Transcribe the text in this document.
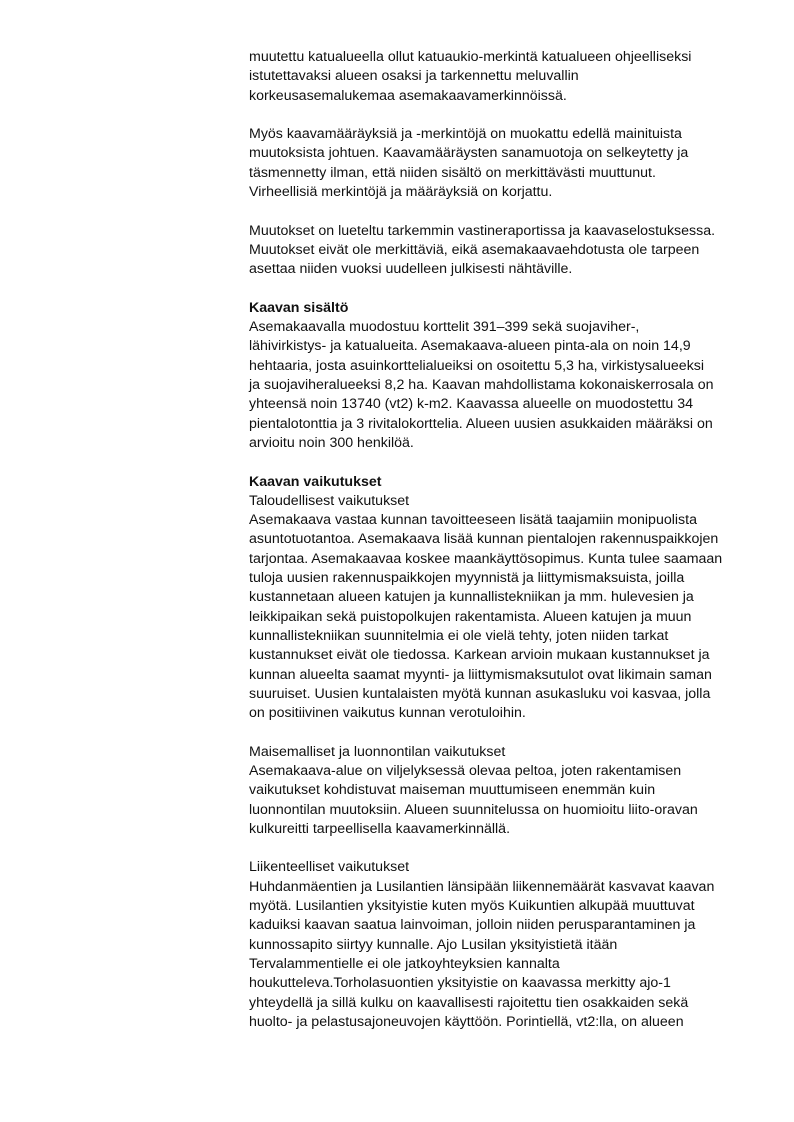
muutettu katualueella ollut katuaukio-merkintä katualueen ohjeelliseksi
istutettavaksi alueen osaksi ja tarkennettu meluvallin
korkeusasemalukemaa asemakaavamerkinnöissä.
Myös kaavamääräyksiä ja -merkintöjä on muokattu edellä mainituista
muutoksista johtuen. Kaavamääräysten sanamuotoja on selkeytetty ja
täsmennetty ilman, että niiden sisältö on merkittävästi muuttunut.
Virheellisiä merkintöjä ja määräyksiä on korjattu.
Muutokset on lueteltu tarkemmin vastineraportissa ja kaavaselostuksessa.
Muutokset eivät ole merkittäviä, eikä asemakaavaehdotusta ole tarpeen
asettaa niiden vuoksi uudelleen julkisesti nähtäville.
Kaavan sisältö
Asemakaavalla muodostuu korttelit 391–399 sekä suojaviher-,
lähivirkistys- ja katualueita. Asemakaava-alueen pinta-ala on noin 14,9
hehtaaria, josta asuinkorttelialueiksi on osoitettu 5,3 ha, virkistysalueeksi
ja suojaviheralueeksi 8,2 ha. Kaavan mahdollistama kokonaiskerrosala on
yhteensä noin 13740 (vt2) k-m2. Kaavassa alueelle on muodostettu 34
pientalotonttia ja 3 rivitalokorttelia. Alueen uusien asukkaiden määräksi on
arvioitu noin 300 henkilöä.
Kaavan vaikutukset
Taloudellisest vaikutukset
Asemakaava vastaa kunnan tavoitteeseen lisätä taajamiin monipuolista
asuntotuotantoa. Asemakaava lisää kunnan pientalojen rakennuspaikkojen
tarjontaa. Asemakaavaa koskee maankäyttösopimus. Kunta tulee saamaan
tuloja uusien rakennuspaikkojen myynnistä ja liittymismaksuista, joilla
kustannetaan alueen katujen ja kunnallistekniikan ja mm. hulevesien ja
leikkipaikan sekä puistopolkujen rakentamista. Alueen katujen ja muun
kunnallistekniikan suunnitelmia ei ole vielä tehty, joten niiden tarkat
kustannukset eivät ole tiedossa. Karkean arvioin mukaan kustannukset ja
kunnan alueelta saamat myynti- ja liittymismaksutulot ovat likimain saman
suuruiset. Uusien kuntalaisten myötä kunnan asukasluku voi kasvaa, jolla
on positiivinen vaikutus kunnan verotuloihin.
Maisemalliset ja luonnontilan vaikutukset
Asemakaava-alue on viljelyksessä olevaa peltoa, joten rakentamisen
vaikutukset kohdistuvat maiseman muuttumiseen enemmän kuin
luonnontilan muutoksiin. Alueen suunnitelussa on huomioitu liito-oravan
kulkureitti tarpeellisella kaavamerkinnällä.
Liikenteelliset vaikutukset
Huhdanmäentien ja Lusilantien länsipään liikennemäärät kasvavat kaavan
myötä. Lusilantien yksityistie kuten myös Kuikuntien alkupää muuttuvat
kaduiksi kaavan saatua lainvoiman, jolloin niiden perusparantaminen ja
kunnossapito siirtyy kunnalle. Ajo Lusilan yksityistietä itään
Tervalammentielle ei ole jatkoyhteyksien kannalta
houkutteleva.Torholasuontien yksityistie on kaavassa merkitty ajo-1
yhteydellä ja sillä kulku on kaavallisesti rajoitettu tien osakkaiden sekä
huolto- ja pelastusajoneuvojen käyttöön. Porintiellä, vt2:lla, on alueen
